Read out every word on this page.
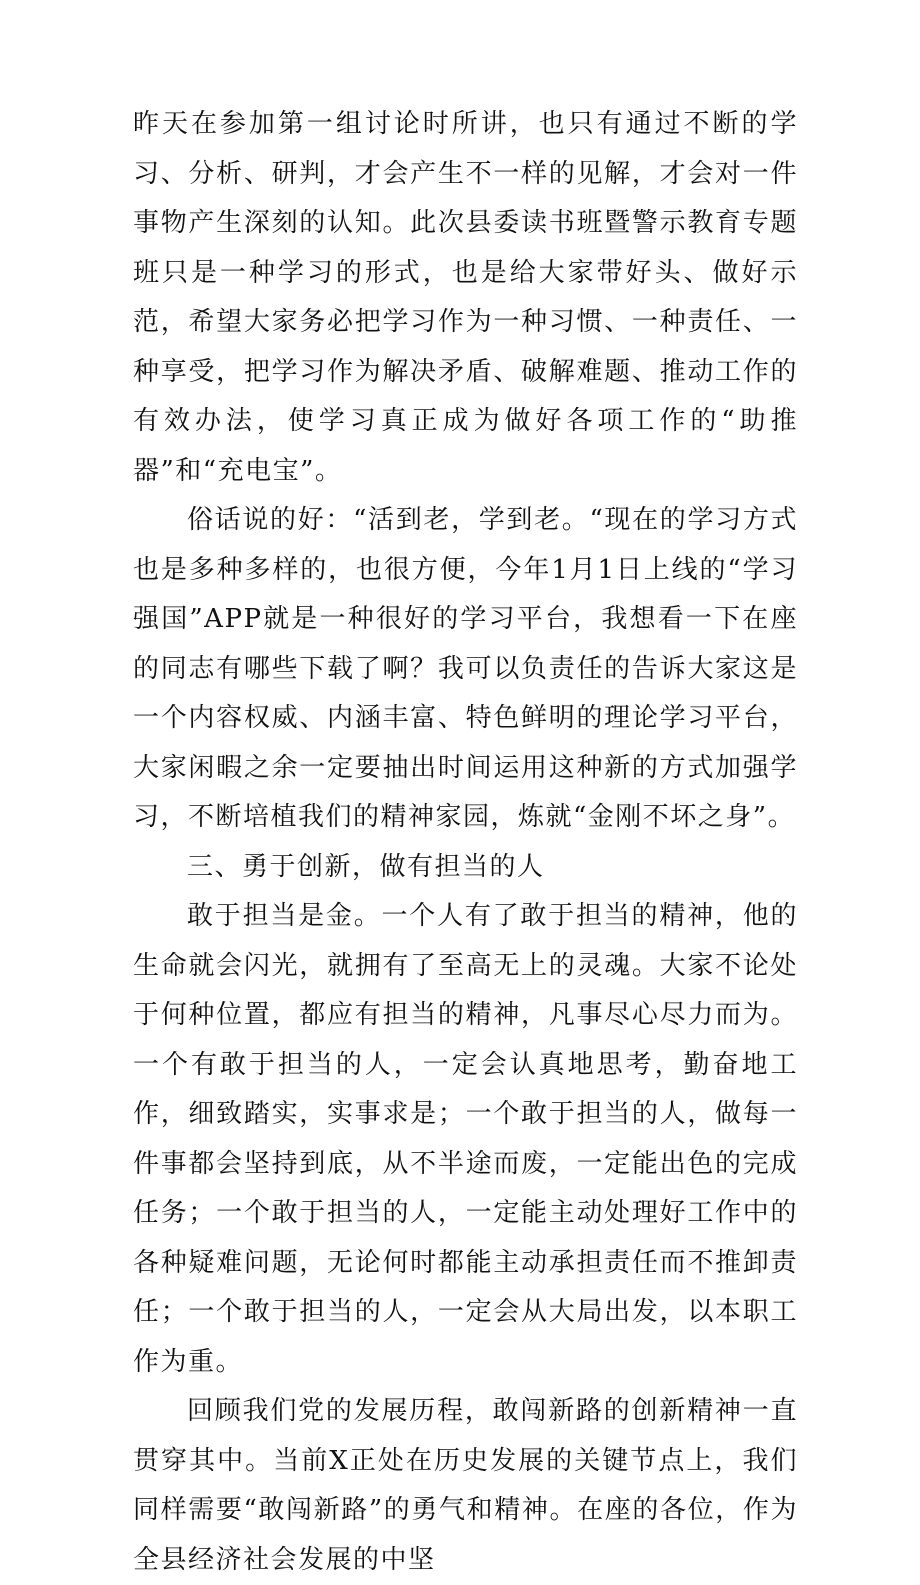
昨天在参加第一组讨论时所讲，也只有通过不断的学习、分析、研判，才会产生不一样的见解，才会对一件事物产生深刻的认知。此次县委读书班暨警示教育专题班只是一种学习的形式，也是给大家带好头、做好示范，希望大家务必把学习作为一种习惯、一种责任、一种享受，把学习作为解决矛盾、破解难题、推动工作的有效办法，使学习真正成为做好各项工作的“助推器”和“充电宝”。

俗话说的好：“活到老，学到老。“现在的学习方式也是多种多样的，也很方便，今年1月1日上线的“学习强国”APP就是一种很好的学习平台，我想看一下在座的同志有哪些下载了啊？我可以负责任的告诉大家这是一个内容权威、内涵丰富、特色鲜明的理论学习平台，大家闲暇之余一定要抽出时间运用这种新的方式加强学习，不断培植我们的精神家园，炼就“金刚不坏之身”。

三、勇于创新，做有担当的人

敢于担当是金。一个人有了敢于担当的精神，他的生命就会闪光，就拥有了至高无上的灵魂。大家不论处于何种位置，都应有担当的精神，凡事尽心尽力而为。一个有敢于担当的人，一定会认真地思考，勤奋地工作，细致踏实，实事求是；一个敢于担当的人，做每一件事都会坚持到底，从不半途而废，一定能出色的完成任务；一个敢于担当的人，一定能主动处理好工作中的各种疑难问题，无论何时都能主动承担责任而不推卸责任；一个敢于担当的人，一定会从大局出发，以本职工作为重。

回顾我们党的发展历程，敢闯新路的创新精神一直贯穿其中。当前X正处在历史发展的关键节点上，我们同样需要“敢闯新路”的勇气和精神。在座的各位，作为全县经济社会发展的中坚
